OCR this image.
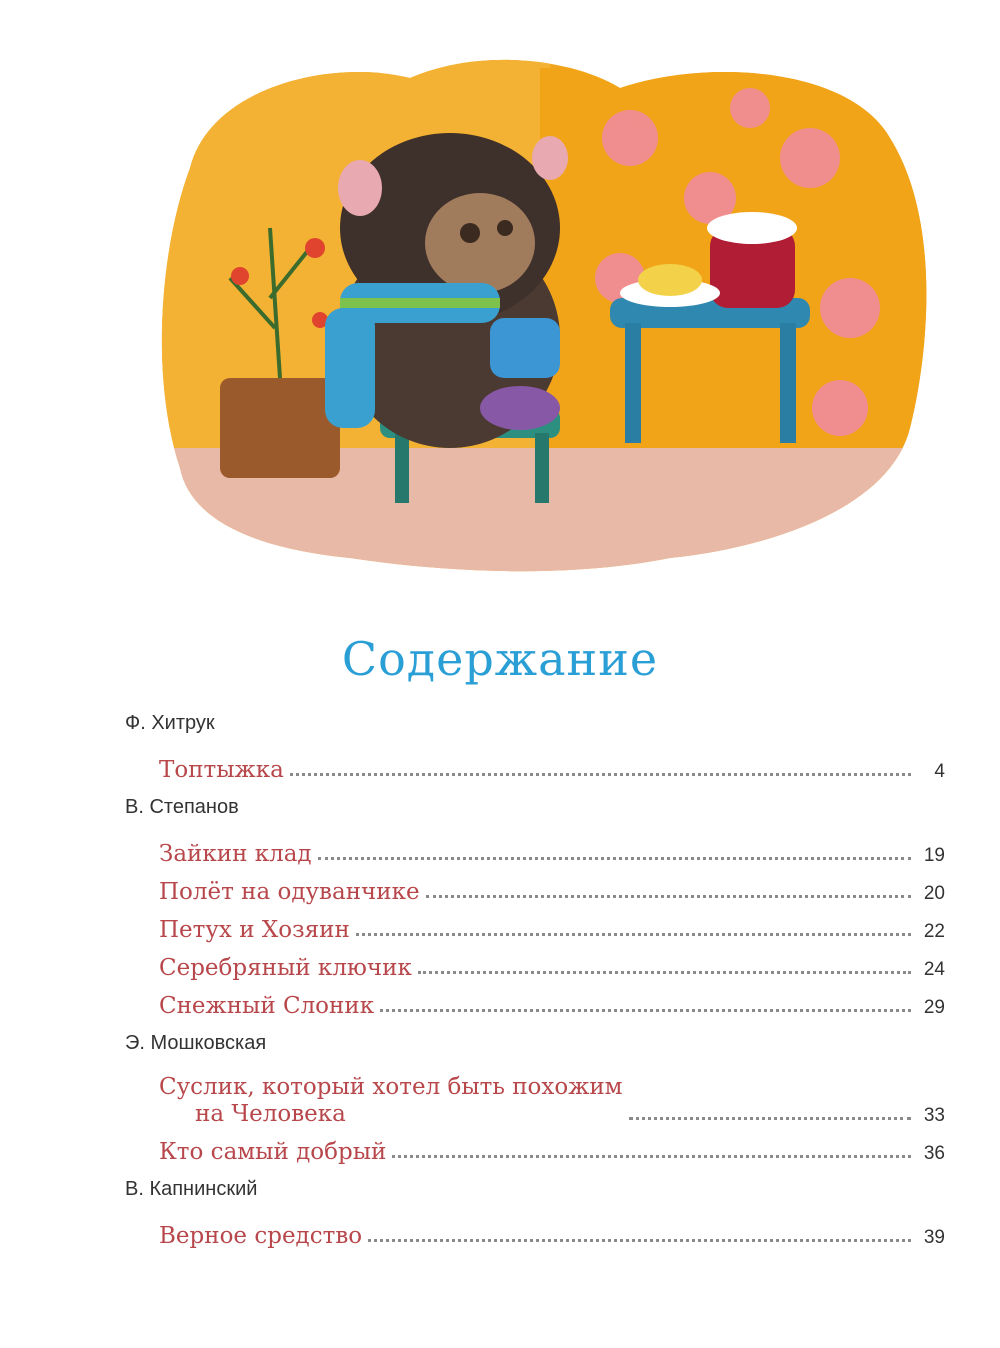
Содержание
Ф. Хитрук
Топтыжка	4
В. Степанов
Зайкин клад	19
Полёт на одуванчике	20
Петух и Хозяин	22
Серебряный ключик	24
Снежный Слоник	29
Э. Мошковская
Суслик, который хотел быть похожим
на Человека	33
Кто самый добрый	36
В. Капнинский
Верное средство	39
